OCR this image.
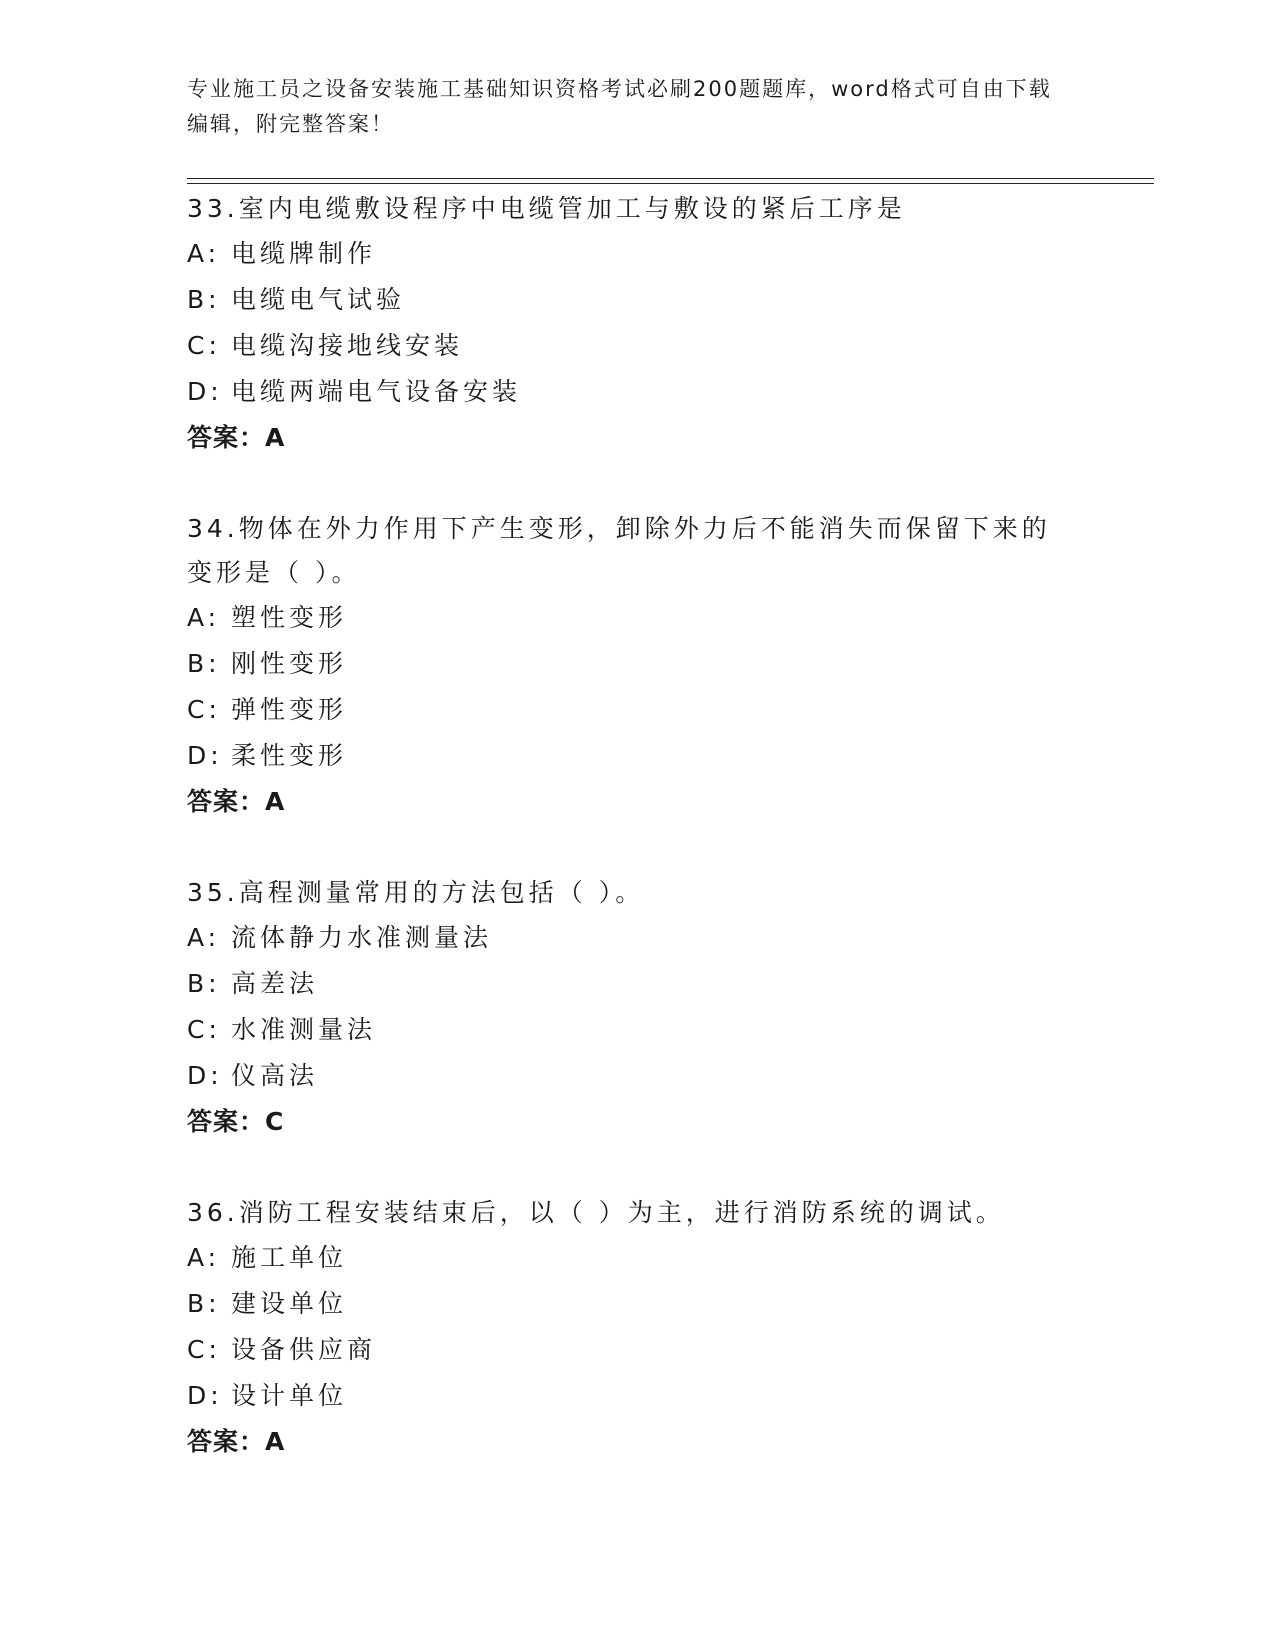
专业施工员之设备安装施工基础知识资格考试必刷200题题库，word格式可自由下载编辑，附完整答案！
33.室内电缆敷设程序中电缆管加工与敷设的紧后工序是
A: 电缆牌制作
B: 电缆电气试验
C: 电缆沟接地线安装
D: 电缆两端电气设备安装
答案：A
34.物体在外力作用下产生变形，卸除外力后不能消失而保留下来的变形是（ ）。
A: 塑性变形
B: 刚性变形
C: 弹性变形
D: 柔性变形
答案：A
35.高程测量常用的方法包括（ ）。
A: 流体静力水准测量法
B: 高差法
C: 水准测量法
D: 仪高法
答案：C
36.消防工程安装结束后，以（ ）为主，进行消防系统的调试。
A: 施工单位
B: 建设单位
C: 设备供应商
D: 设计单位
答案：A
